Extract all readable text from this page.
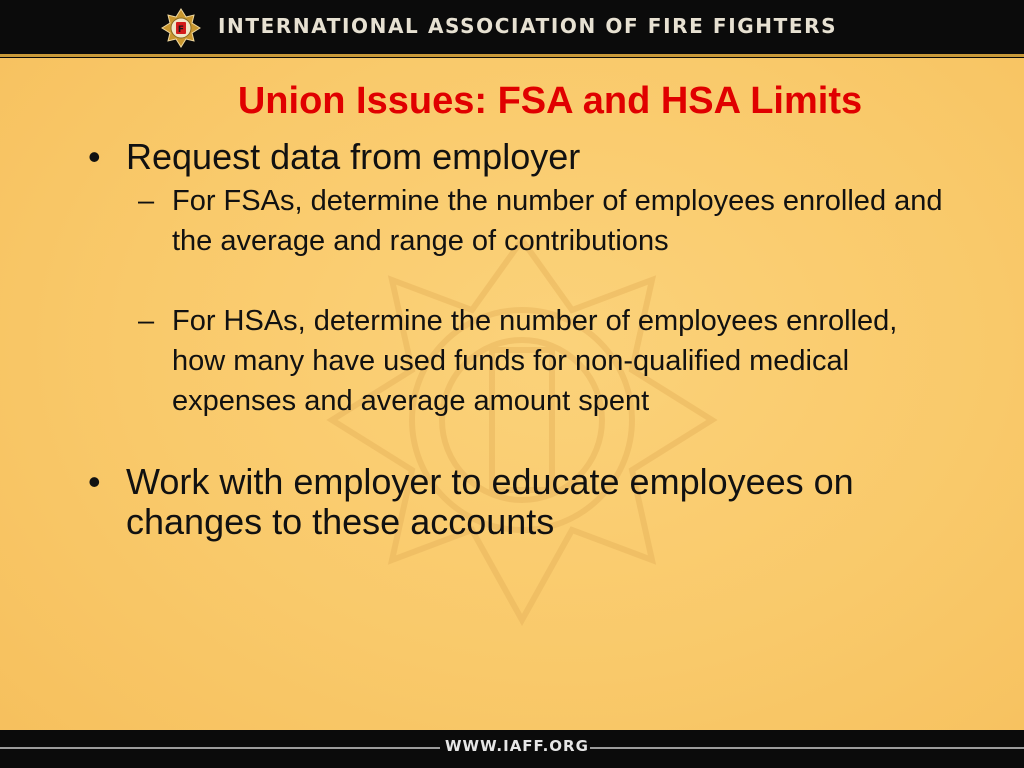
F INTERNATIONAL ASSOCIATION OF FIRE FIGHTERS
Union Issues: FSA and HSA Limits
• Request data from employer
– For FSAs, determine the number of employees enrolled and the average and range of contributions
– For HSAs, determine the number of employees enrolled, how many have used funds for non-qualified medical expenses and average amount spent
• Work with employer to educate employees on changes to these accounts
WWW.IAFF.ORG
